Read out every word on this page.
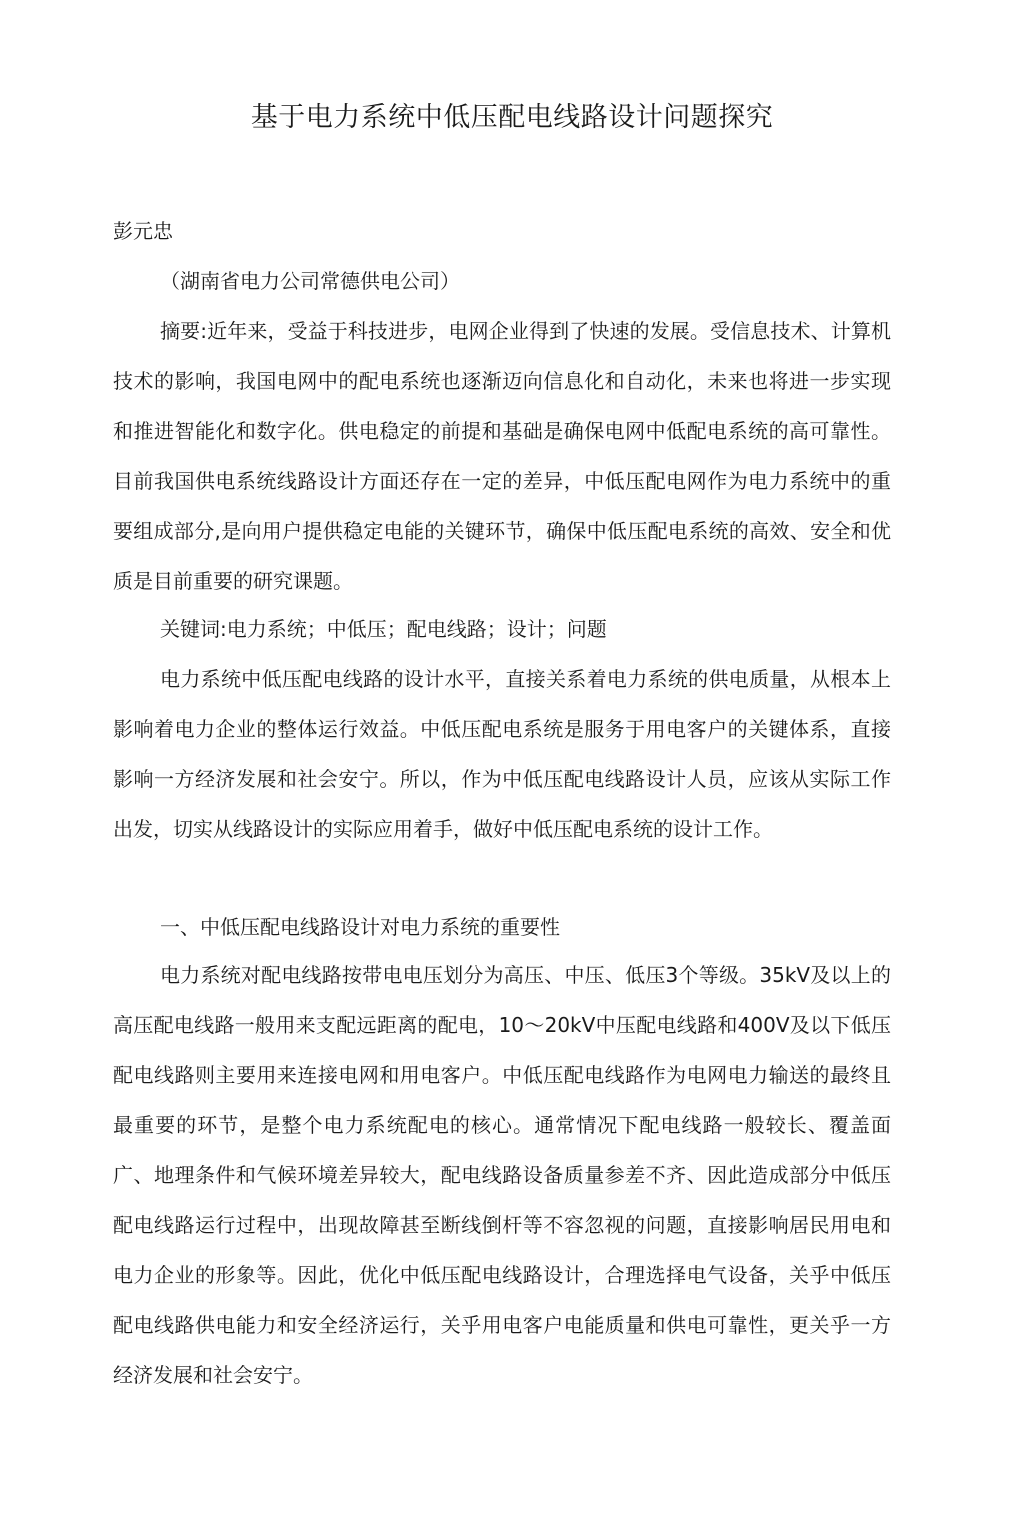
基于电力系统中低压配电线路设计问题探究
彭元忠
（湖南省电力公司常德供电公司）

摘要:近年来，受益于科技进步，电网企业得到了快速的发展。受信息技术、计算机技术的影响，我国电网中的配电系统也逐渐迈向信息化和自动化，未来也将进一步实现和推进智能化和数字化。供电稳定的前提和基础是确保电网中低配电系统的高可靠性。目前我国供电系统线路设计方面还存在一定的差异，中低压配电网作为电力系统中的重要组成部分,是向用户提供稳定电能的关键环节，确保中低压配电系统的高效、安全和优质是目前重要的研究课题。

关键词:电力系统；中低压；配电线路；设计；问题

电力系统中低压配电线路的设计水平，直接关系着电力系统的供电质量，从根本上影响着电力企业的整体运行效益。中低压配电系统是服务于用电客户的关键体系，直接影响一方经济发展和社会安宁。所以，作为中低压配电线路设计人员，应该从实际工作出发，切实从线路设计的实际应用着手，做好中低压配电系统的设计工作。

一、中低压配电线路设计对电力系统的重要性

电力系统对配电线路按带电电压划分为高压、中压、低压3个等级。35kV及以上的高压配电线路一般用来支配远距离的配电，10～20kV中压配电线路和400V及以下低压配电线路则主要用来连接电网和用电客户。中低压配电线路作为电网电力输送的最终且最重要的环节，是整个电力系统配电的核心。通常情况下配电线路一般较长、覆盖面广、地理条件和气候环境差异较大，配电线路设备质量参差不齐、因此造成部分中低压配电线路运行过程中，出现故障甚至断线倒杆等不容忽视的问题，直接影响居民用电和电力企业的形象等。因此，优化中低压配电线路设计，合理选择电气设备，关乎中低压配电线路供电能力和安全经济运行，关乎用电客户电能质量和供电可靠性，更关乎一方经济发展和社会安宁。
